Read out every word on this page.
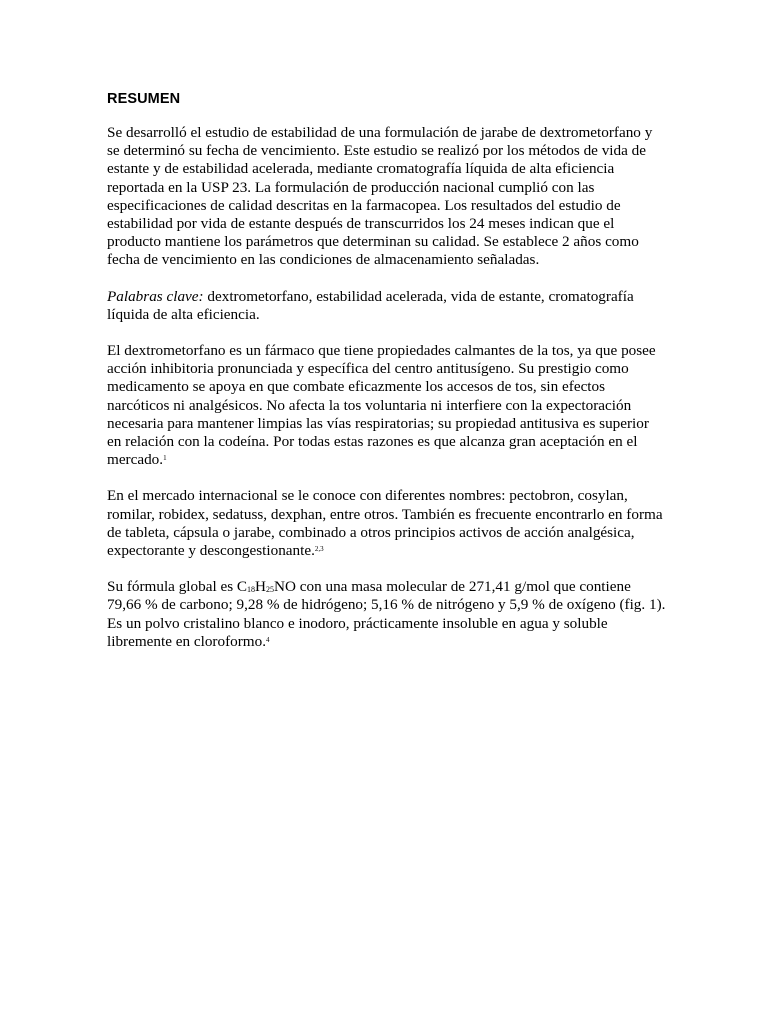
RESUMEN
Se desarrolló el estudio de estabilidad de una formulación de jarabe de dextrometorfano y
se determinó su fecha de vencimiento. Este estudio se realizó por los métodos de vida de
estante y de estabilidad acelerada, mediante cromatografía líquida de alta eficiencia
reportada en la USP 23. La formulación de producción nacional cumplió con las
especificaciones de calidad descritas en la farmacopea. Los resultados del estudio de
estabilidad por vida de estante después de transcurridos los 24 meses indican que el
producto mantiene los parámetros que determinan su calidad. Se establece 2 años como
fecha de vencimiento en las condiciones de almacenamiento señaladas.
Palabras clave: dextrometorfano, estabilidad acelerada, vida de estante, cromatografía
líquida de alta eficiencia.
El dextrometorfano es un fármaco que tiene propiedades calmantes de la tos, ya que posee
acción inhibitoria pronunciada y específica del centro antitusígeno. Su prestigio como
medicamento se apoya en que combate eficazmente los accesos de tos, sin efectos
narcóticos ni analgésicos. No afecta la tos voluntaria ni interfiere con la expectoración
necesaria para mantener limpias las vías respiratorias; su propiedad antitusiva es superior
en relación con la codeína. Por todas estas razones es que alcanza gran aceptación en el
mercado.$^1$
En el mercado internacional se le conoce con diferentes nombres: pectobron, cosylan,
romilar, robidex, sedatuss, dexphan, entre otros. También es frecuente encontrarlo en forma
de tableta, cápsula o jarabe, combinado a otros principios activos de acción analgésica,
expectorante y descongestionante.$^{2,3}$
Su fórmula global es $C_{18}H_{25}NO$ con una masa molecular de 271,41 g/mol que contiene
79,66 % de carbono; 9,28 % de hidrógeno; 5,16 % de nitrógeno y 5,9 % de oxígeno (fig. 1).
Es un polvo cristalino blanco e inodoro, prácticamente insoluble en agua y soluble
libremente en cloroformo.$^4$
